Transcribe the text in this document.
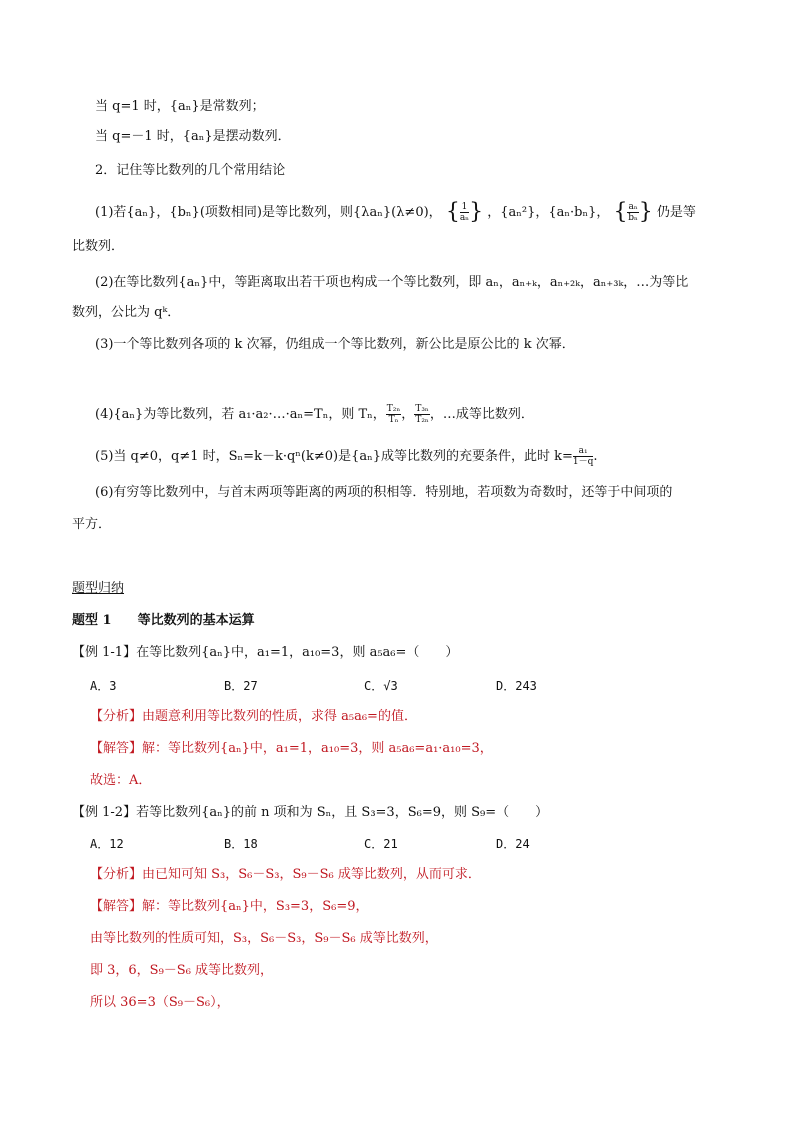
当 q=1 时，{aₙ}是常数列；
当 q=－1 时，{aₙ}是摆动数列．
2．记住等比数列的几个常用结论
(1)若{aₙ}，{bₙ}(项数相同)是等比数列，则{λaₙ}(λ≠0)， { $\frac{1}{\text{aₙ}}$ } ，{aₙ²}，{aₙ·bₙ}， { $\frac{\text{aₙ}}{\text{bₙ}}$ } 仍是等
比数列．
(2)在等比数列{aₙ}中，等距离取出若干项也构成一个等比数列，即 aₙ，aₙ₊ₖ，aₙ₊₂ₖ，aₙ₊₃ₖ，…为等比
数列，公比为 qᵏ．
(3)一个等比数列各项的 k 次幂，仍组成一个等比数列，新公比是原公比的 k 次幂．
(4){aₙ}为等比数列，若 a₁·a₂·…·aₙ=Tₙ，则 Tₙ， $\frac{\text{T₂ₙ}}{\text{Tₙ}}$ ， $\frac{\text{T₃ₙ}}{\text{T₂ₙ}}$ ，…成等比数列．
(5)当 q≠0，q≠1 时，Sₙ=k－k·qⁿ(k≠0)是{aₙ}成等比数列的充要条件，此时 $k= \frac{\text{a₁}}{1-q}$ .
(6)有穷等比数列中，与首末两项等距离的两项的积相等．特别地，若项数为奇数时，还等于中间项的
平方．
题型归纳
题型 1　　等比数列的基本运算
【例 1-1】在等比数列{aₙ}中，a₁=1，a₁₀=3，则 a₅a₆=（　　）
A．3	B．27	C．√3	D．243
【分析】由题意利用等比数列的性质，求得 a₅a₆=的值．
【解答】解：等比数列{aₙ}中，a₁=1，a₁₀=3，则 a₅a₆=a₁·a₁₀=3，
故选：A．
【例 1-2】若等比数列{aₙ}的前 n 项和为 Sₙ，且 S₃=3，S₆=9，则 S₉=（　　）
A．12	B．18	C．21	D．24
【分析】由已知可知 S₃，S₆－S₃，S₉－S₆ 成等比数列，从而可求．
【解答】解：等比数列{aₙ}中，S₃=3，S₆=9，
由等比数列的性质可知，S₃，S₆－S₃，S₉－S₆ 成等比数列，
即 3，6，S₉－S₆ 成等比数列，
所以 36=3（S₉－S₆），
